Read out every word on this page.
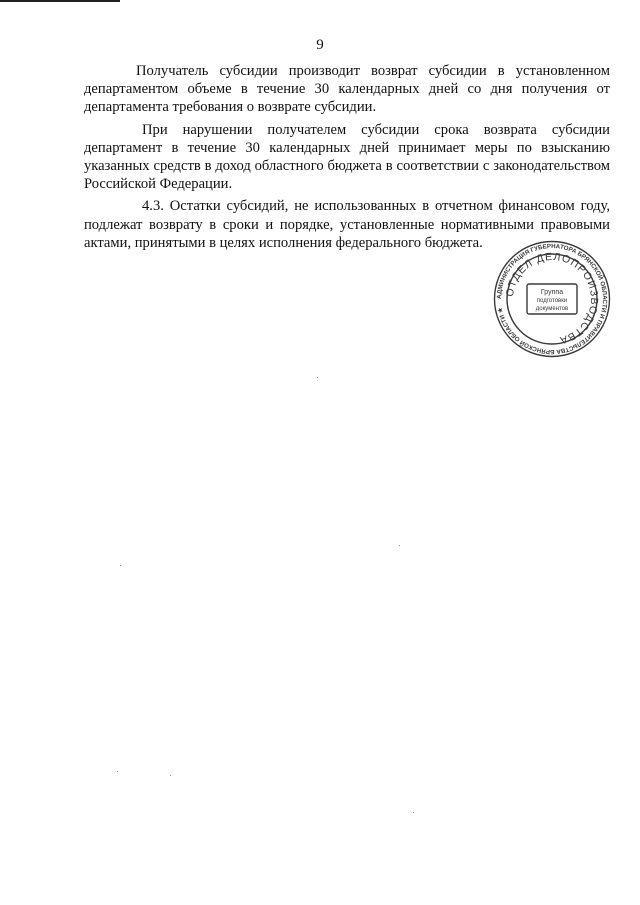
9

Получатель субсидии производит возврат субсидии в установленном департаментом объеме в течение 30 календарных дней со дня получения от департамента требования о возврате субсидии.

При нарушении получателем субсидии срока возврата субсидии департамент в течение 30 календарных дней принимает меры по взысканию указанных средств в доход областного бюджета в соответствии с законодательством Российской Федерации.

4.3. Остатки субсидий, не использованных в отчетном финансовом году, подлежат возврату в сроки и порядке, установленные нормативными правовыми актами, принятыми в целях исполнения федерального бюджета.

АДМИНИСТРАЦИЯ ГУБЕРНАТОРА БРЯНСКОЙ ОБЛАСТИ И ПРАВИТЕЛЬСТВА БРЯНСКОЙ ОБЛАСТИ ★
ОТДЕЛ ДЕЛОПРОИЗВОДСТВА
Группа
подготовки
документов
